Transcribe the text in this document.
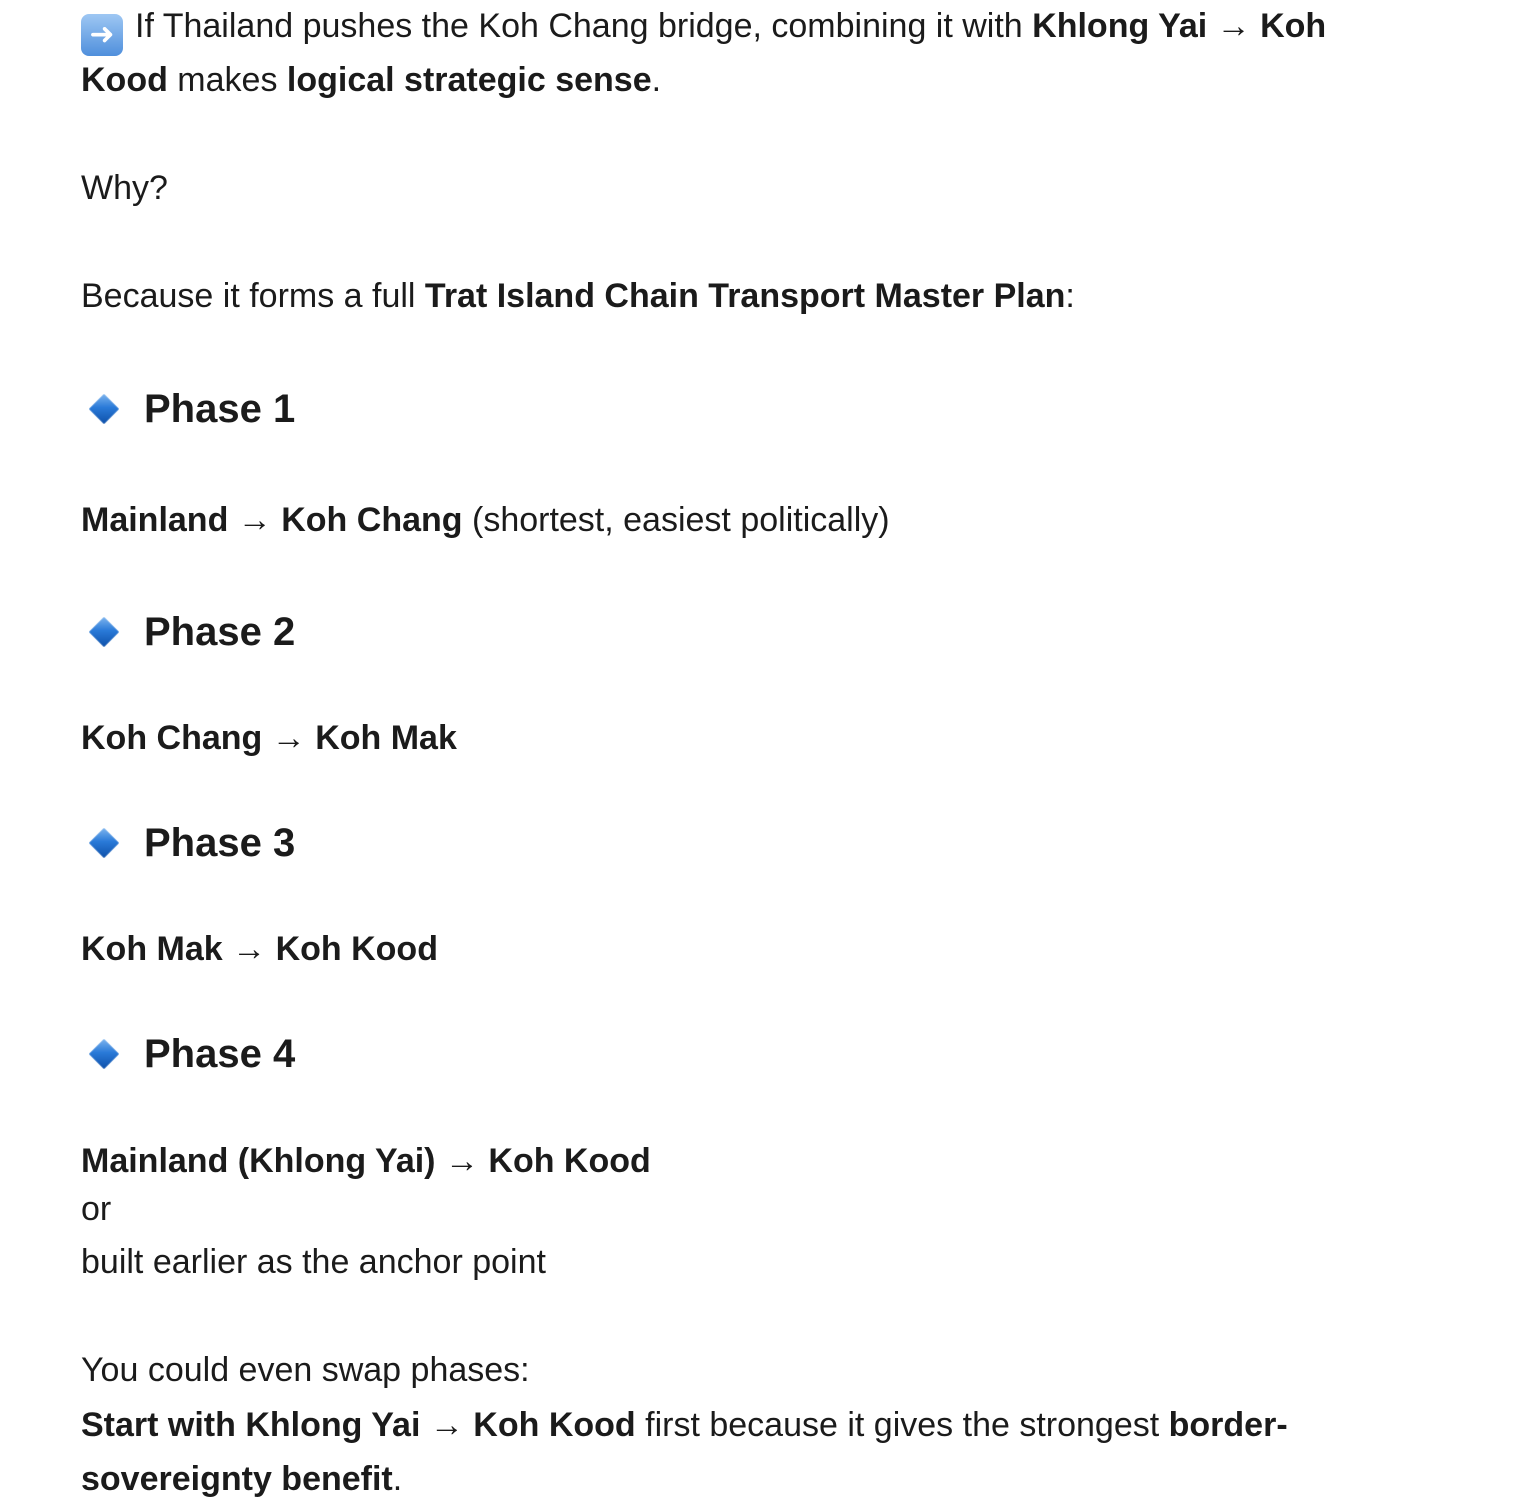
➜ If Thailand pushes the Koh Chang bridge, combining it with Khlong Yai → Koh
Kood makes logical strategic sense.
Why?
Because it forms a full Trat Island Chain Transport Master Plan:
Phase 1
Mainland → Koh Chang (shortest, easiest politically)
Phase 2
Koh Chang → Koh Mak
Phase 3
Koh Mak → Koh Kood
Phase 4
Mainland (Khlong Yai) → Koh Kood
or
built earlier as the anchor point
You could even swap phases:
Start with Khlong Yai → Koh Kood first because it gives the strongest border-
sovereignty benefit.
